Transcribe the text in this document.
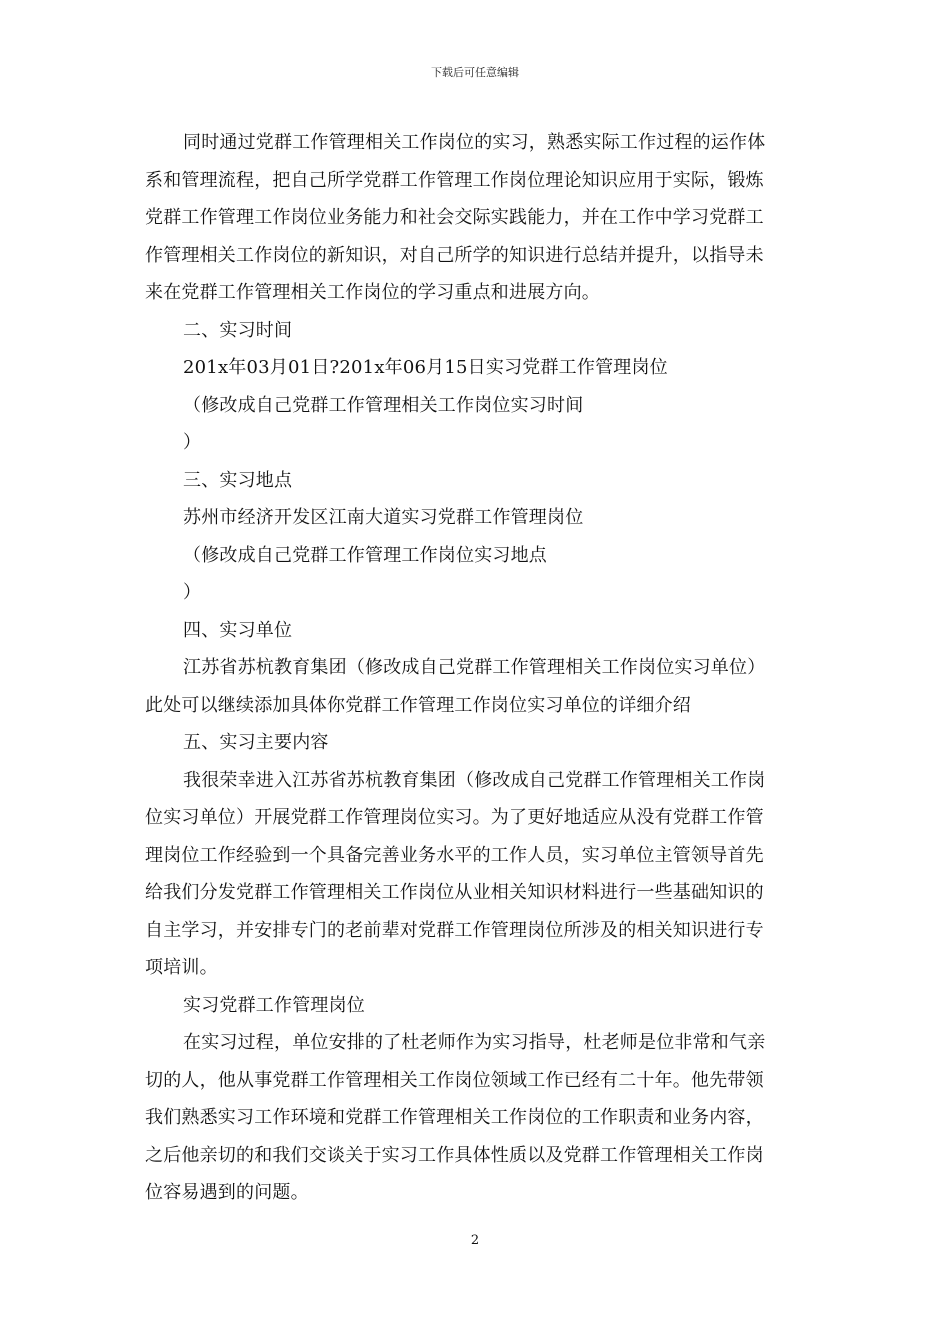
下载后可任意编辑
同时通过党群工作管理相关工作岗位的实习，熟悉实际工作过程的运作体
系和管理流程，把自己所学党群工作管理工作岗位理论知识应用于实际，锻炼
党群工作管理工作岗位业务能力和社会交际实践能力，并在工作中学习党群工
作管理相关工作岗位的新知识，对自己所学的知识进行总结并提升，以指导未
来在党群工作管理相关工作岗位的学习重点和进展方向。
二、实习时间
201x年03月01日?201x年06月15日实习党群工作管理岗位
（修改成自己党群工作管理相关工作岗位实习时间
）
三、实习地点
苏州市经济开发区江南大道实习党群工作管理岗位
（修改成自己党群工作管理工作岗位实习地点
）
四、实习单位
江苏省苏杭教育集团（修改成自己党群工作管理相关工作岗位实习单位）
此处可以继续添加具体你党群工作管理工作岗位实习单位的详细介绍
五、实习主要内容
我很荣幸进入江苏省苏杭教育集团（修改成自己党群工作管理相关工作岗
位实习单位）开展党群工作管理岗位实习。为了更好地适应从没有党群工作管
理岗位工作经验到一个具备完善业务水平的工作人员，实习单位主管领导首先
给我们分发党群工作管理相关工作岗位从业相关知识材料进行一些基础知识的
自主学习，并安排专门的老前辈对党群工作管理岗位所涉及的相关知识进行专
项培训。
实习党群工作管理岗位
在实习过程，单位安排的了杜老师作为实习指导，杜老师是位非常和气亲
切的人，他从事党群工作管理相关工作岗位领域工作已经有二十年。他先带领
我们熟悉实习工作环境和党群工作管理相关工作岗位的工作职责和业务内容，
之后他亲切的和我们交谈关于实习工作具体性质以及党群工作管理相关工作岗
位容易遇到的问题。
2
